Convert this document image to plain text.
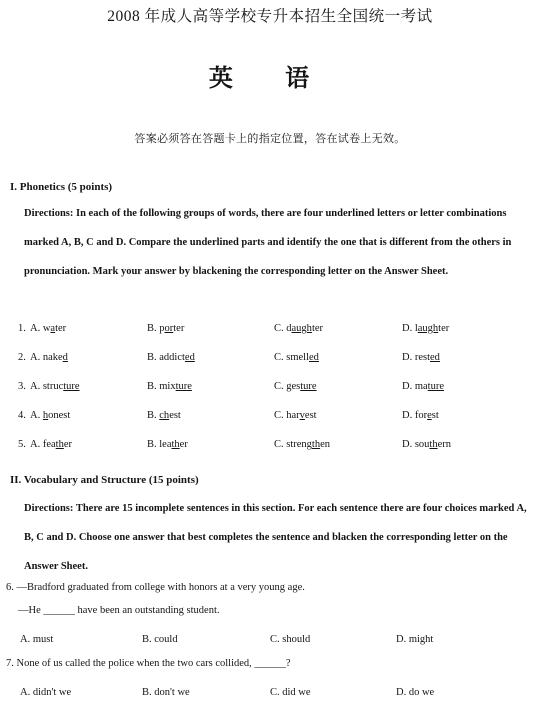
2008 年成人高等学校专升本招生全国统一考试
英 语
答案必须答在答题卡上的指定位置，答在试卷上无效。
I. Phonetics (5 points)
Directions: In each of the following groups of words, there are four underlined letters or letter combinations marked A, B, C and D. Compare the underlined parts and identify the one that is different from the others in pronunciation. Mark your answer by blackening the corresponding letter on the Answer Sheet.
1. A. water	B. porter	C. daughter	D. laughter
2. A. naked	B. addicted	C. smelled	D. rested
3. A. structure	B. mixture	C. gesture	D. mature
4. A. honest	B. chest	C. harvest	D. forest
5. A. feather	B. leather	C. strengthen	D. southern
II. Vocabulary and Structure (15 points)
Directions: There are 15 incomplete sentences in this section. For each sentence there are four choices marked A, B, C and D. Choose one answer that best completes the sentence and blacken the corresponding letter on the Answer Sheet.
6. —Bradford graduated from college with honors at a very young age.
—He ______ have been an outstanding student.
A. must	B. could	C. should	D. might
7. None of us called the police when the two cars collided, ______?
A. didn't we	B. don't we	C. did we	D. do we
